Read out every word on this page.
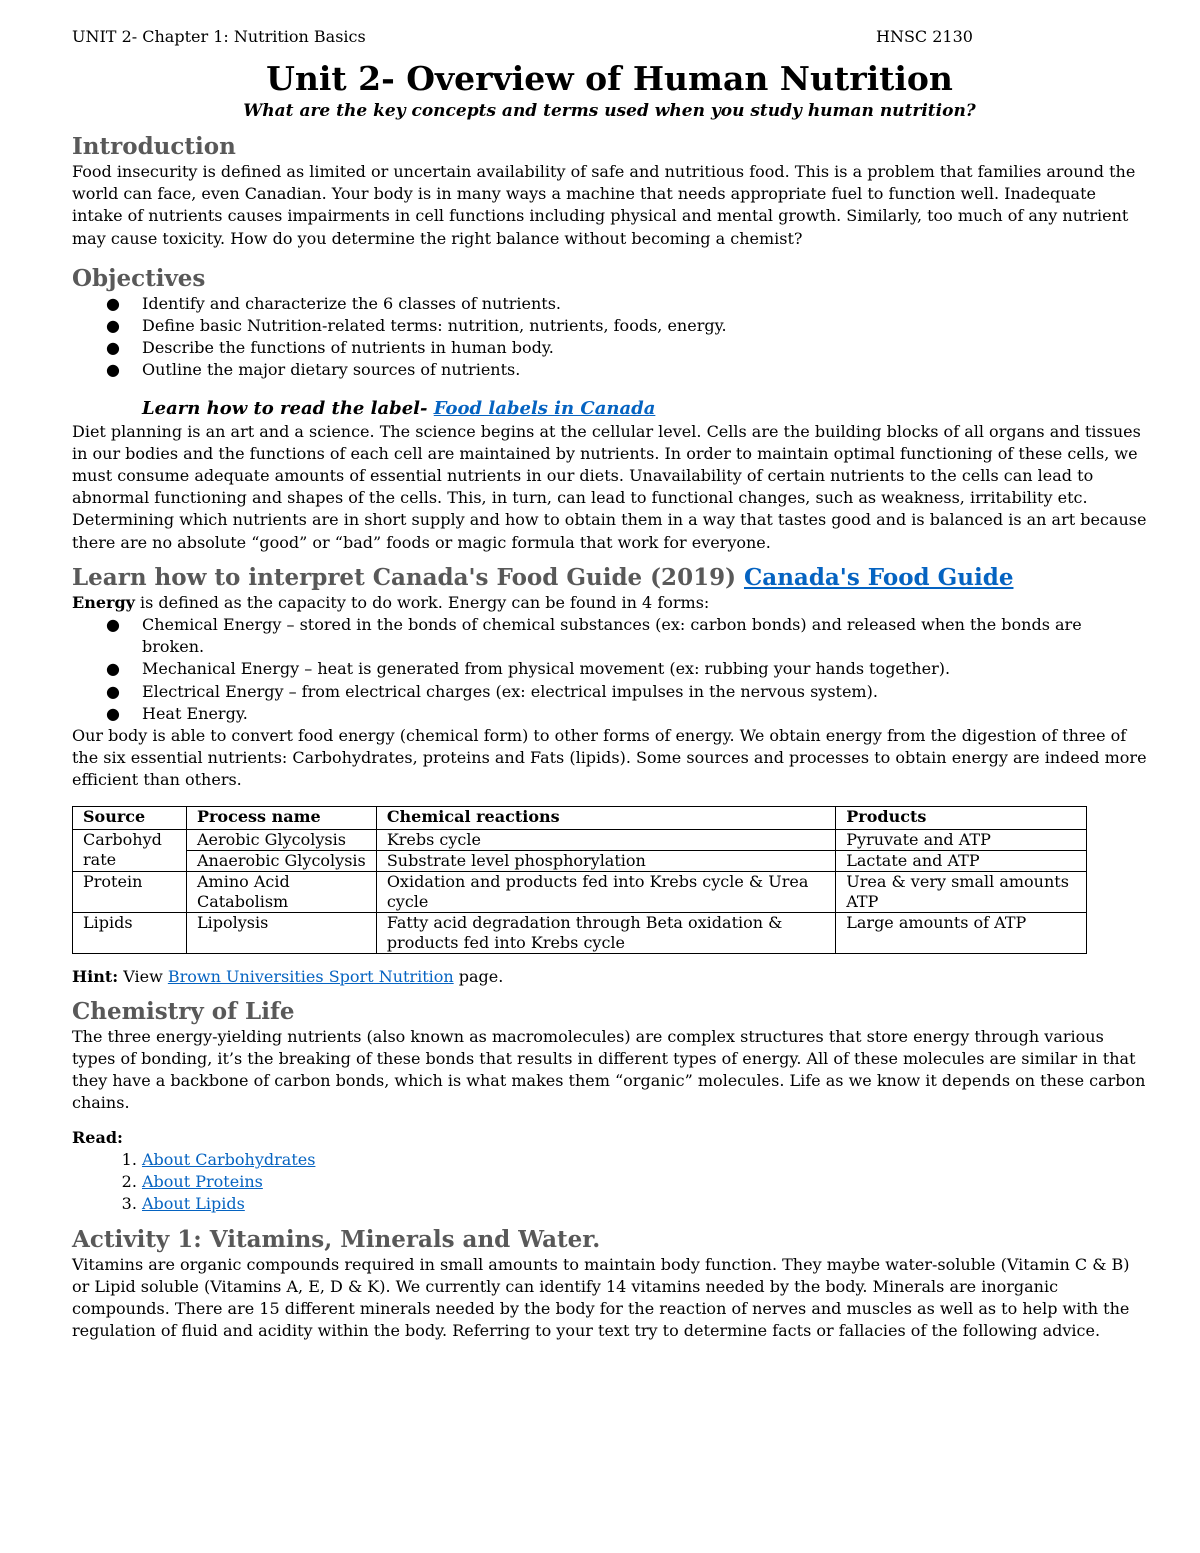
UNIT 2- Chapter 1: Nutrition Basics	HNSC 2130
Unit 2- Overview of Human Nutrition
What are the key concepts and terms used when you study human nutrition?
Introduction

Food insecurity is defined as limited or uncertain availability of safe and nutritious food. This is a problem that families around the world can face, even Canadian. Your body is in many ways a machine that needs appropriate fuel to function well. Inadequate intake of nutrients causes impairments in cell functions including physical and mental growth. Similarly, too much of any nutrient may cause toxicity. How do you determine the right balance without becoming a chemist?

Objectives
● Identify and characterize the 6 classes of nutrients.
● Define basic Nutrition-related terms: nutrition, nutrients, foods, energy.
● Describe the functions of nutrients in human body.
● Outline the major dietary sources of nutrients.
Learn how to read the label- Food labels in Canada

Diet planning is an art and a science. The science begins at the cellular level. Cells are the building blocks of all organs and tissues in our bodies and the functions of each cell are maintained by nutrients. In order to maintain optimal functioning of these cells, we must consume adequate amounts of essential nutrients in our diets. Unavailability of certain nutrients to the cells can lead to abnormal functioning and shapes of the cells. This, in turn, can lead to functional changes, such as weakness, irritability etc. Determining which nutrients are in short supply and how to obtain them in a way that tastes good and is balanced is an art because there are no absolute “good” or “bad” foods or magic formula that work for everyone.

Learn how to interpret Canada's Food Guide (2019) Canada's Food Guide

Energy is defined as the capacity to do work. Energy can be found in 4 forms:

● Chemical Energy – stored in the bonds of chemical substances (ex: carbon bonds) and released when the bonds are broken.
● Mechanical Energy – heat is generated from physical movement (ex: rubbing your hands together).
● Electrical Energy – from electrical charges (ex: electrical impulses in the nervous system).
● Heat Energy.

Our body is able to convert food energy (chemical form) to other forms of energy. We obtain energy from the digestion of three of the six essential nutrients: Carbohydrates, proteins and Fats (lipids). Some sources and processes to obtain energy are indeed more efficient than others.

Source	Process name	Chemical reactions	Products
Carbohyd rate	Aerobic Glycolysis	Krebs cycle	Pyruvate and ATP
	Anaerobic Glycolysis	Substrate level phosphorylation	Lactate and ATP
Protein	Amino Acid Catabolism	Oxidation and products fed into Krebs cycle & Urea cycle	Urea & very small amounts ATP
Lipids	Lipolysis	Fatty acid degradation through Beta oxidation & products fed into Krebs cycle	Large amounts of ATP

Hint: View Brown Universities Sport Nutrition page.

Chemistry of Life

The three energy-yielding nutrients (also known as macromolecules) are complex structures that store energy through various types of bonding, it’s the breaking of these bonds that results in different types of energy. All of these molecules are similar in that they have a backbone of carbon bonds, which is what makes them “organic” molecules. Life as we know it depends on these carbon chains.

Read:

1. About Carbohydrates
2. About Proteins
3. About Lipids
Activity 1: Vitamins, Minerals and Water.

Vitamins are organic compounds required in small amounts to maintain body function. They maybe water-soluble (Vitamin C & B) or Lipid soluble (Vitamins A, E, D & K). We currently can identify 14 vitamins needed by the body. Minerals are inorganic compounds. There are 15 different minerals needed by the body for the reaction of nerves and muscles as well as to help with the regulation of fluid and acidity within the body. Referring to your text try to determine facts or fallacies of the following advice.
